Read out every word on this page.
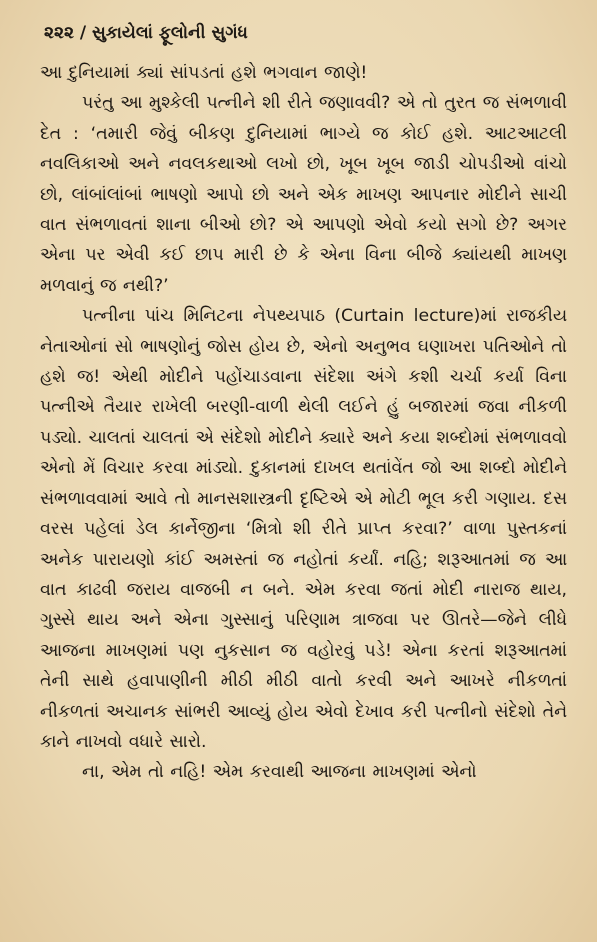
૨૨૨ / સુકાયેલાં ફૂલોની સુગંધ

આ દુનિયામાં ક્યાં સાંપડતાં હશે ભગવાન જાણે!

પરંતુ આ મુશ્કેલી પત્નીને શી રીતે જણાવવી? એ તો તુરત જ સંભળાવી દેત : ‘તમારી જેવું બીકણ દુનિયામાં ભાગ્યે જ કોઈ હશે. આટઆટલી નવલિકાઓ અને નવલકથાઓ લખો છો, ખૂબ ખૂબ જાડી ચોપડીઓ વાંચો છો, લાંબાંલાંબાં ભાષણો આપો છો અને એક માખણ આપનાર મોદીને સાચી વાત સંભળાવતાં શાના બીઓ છો? એ આપણો એવો કયો સગો છે? અગર એના પર એવી કઈ છાપ મારી છે કે એના વિના બીજે ક્યાંયથી માખણ મળવાનું જ નથી?’

પત્નીના પાંચ મિનિટના નેપથ્યપાઠ (Curtain lecture)માં રાજકીય નેતાઓનાં સો ભાષણોનું જોસ હોય છે, એનો અનુભવ ઘણાખરા પતિઓને તો હશે જ! એથી મોદીને પહોંચાડવાના સંદેશા અંગે કશી ચર્ચા કર્યા વિના પત્નીએ તૈયાર રાખેલી બરણી-વાળી થેલી લઈને હું બજારમાં જવા નીકળી પડ્યો. ચાલતાં ચાલતાં એ સંદેશો મોદીને ક્યારે અને કયા શબ્દોમાં સંભળાવવો એનો મેં વિચાર કરવા માંડ્યો. દુકાનમાં દાખલ થતાંવેંત જો આ શબ્દો મોદીને સંભળાવવામાં આવે તો માનસશાસ્ત્રની દૃષ્ટિએ એ મોટી ભૂલ કરી ગણાય. દસ વરસ પહેલાં ડેલ કાર્નેજીના ‘મિત્રો શી રીતે પ્રાપ્ત કરવા?’ વાળા પુસ્તકનાં અનેક પારાયણો કાંઈ અમસ્તાં જ નહોતાં કર્યાં. નહિ; શરૂઆતમાં જ આ વાત કાઢવી જરાય વાજબી ન બને. એમ કરવા જતાં મોદી નારાજ થાય, ગુસ્સે થાય અને એના ગુસ્સાનું પરિણામ ત્રાજવા પર ઊતરે—જેને લીધે આજના માખણમાં પણ નુકસાન જ વહોરવું પડે! એના કરતાં શરૂઆતમાં તેની સાથે હવાપાણીની મીઠી મીઠી વાતો કરવી અને આખરે નીકળતાં નીકળતાં અચાનક સાંભરી આવ્યું હોય એવો દેખાવ કરી પત્નીનો સંદેશો તેને કાને નાખવો વધારે સારો.

ના, એમ તો નહિ! એમ કરવાથી આજના માખણમાં એનો
